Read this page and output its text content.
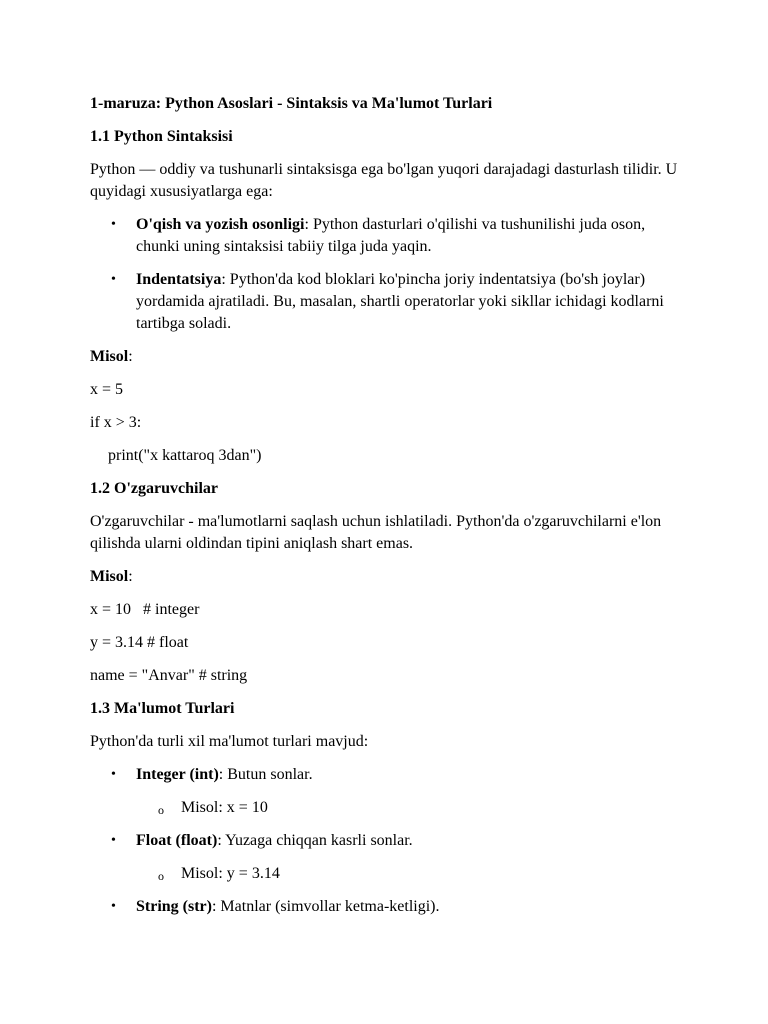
1-maruza: Python Asoslari - Sintaksis va Ma'lumot Turlari
1.1 Python Sintaksisi
Python — oddiy va tushunarli sintaksisga ega bo'lgan yuqori darajadagi dasturlash tilidir. U quyidagi xususiyatlarga ega:
• O'qish va yozish osonligi: Python dasturlari o'qilishi va tushunilishi juda oson, chunki uning sintaksisi tabiiy tilga juda yaqin.
• Indentatsiya: Python'da kod bloklari ko'pincha joriy indentatsiya (bo'sh joylar) yordamida ajratiladi. Bu, masalan, shartli operatorlar yoki sikllar ichidagi kodlarni tartibga soladi.
Misol:
x = 5
if x > 3:
print("x kattaroq 3dan")
1.2 O'zgaruvchilar
O'zgaruvchilar - ma'lumotlarni saqlash uchun ishlatiladi. Python'da o'zgaruvchilarni e'lon qilishda ularni oldindan tipini aniqlash shart emas.
Misol:
x = 10   # integer
y = 3.14 # float
name = "Anvar" # string
1.3 Ma'lumot Turlari
Python'da turli xil ma'lumot turlari mavjud:
• Integer (int): Butun sonlar.
o Misol: x = 10
• Float (float): Yuzaga chiqqan kasrli sonlar.
o Misol: y = 3.14
• String (str): Matnlar (simvollar ketma-ketligi).
